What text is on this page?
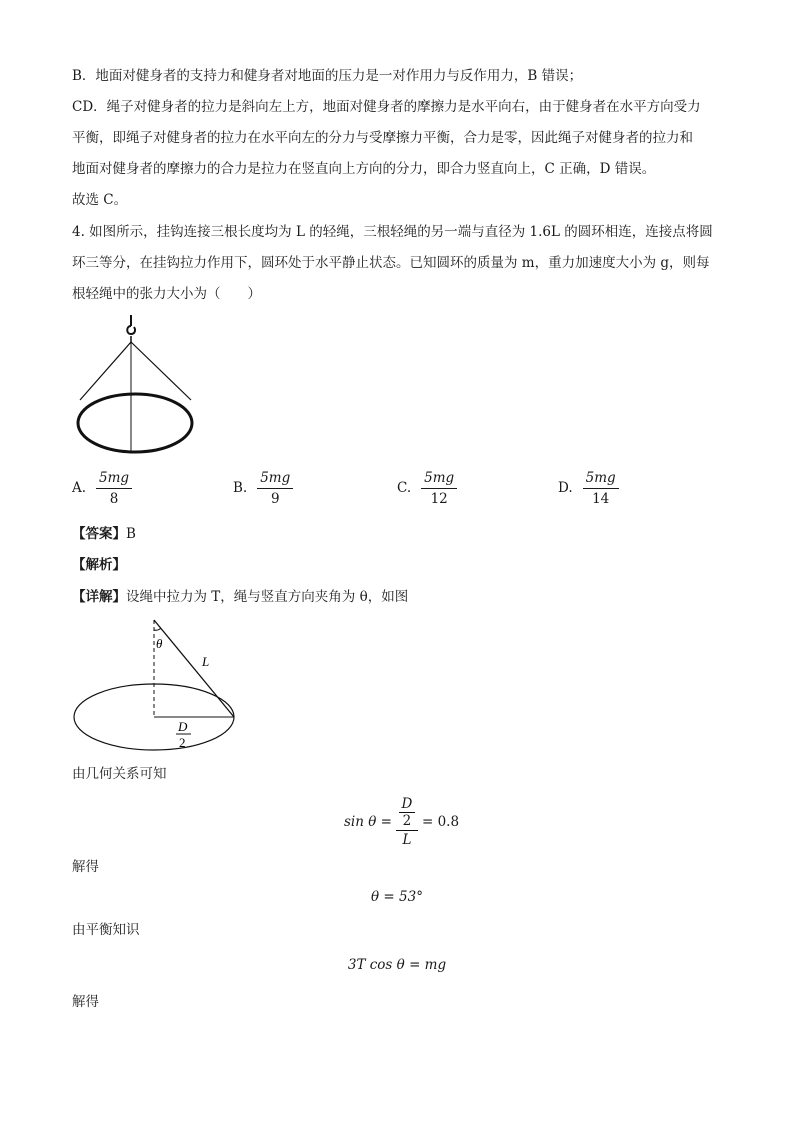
B．地面对健身者的支持力和健身者对地面的压力是一对作用力与反作用力，B 错误；
CD．绳子对健身者的拉力是斜向左上方，地面对健身者的摩擦力是水平向右，由于健身者在水平方向受力
平衡，即绳子对健身者的拉力在水平向左的分力与受摩擦力平衡，合力是零，因此绳子对健身者的拉力和
地面对健身者的摩擦力的合力是拉力在竖直向上方向的分力，即合力竖直向上，C 正确，D 错误。
故选 C。
4. 如图所示，挂钩连接三根长度均为 L 的轻绳，三根轻绳的另一端与直径为 1.6L 的圆环相连，连接点将圆
环三等分，在挂钩拉力作用下，圆环处于水平静止状态。已知圆环的质量为 m，重力加速度大小为 g，则每
根轻绳中的张力大小为（　　）
A. $\frac{5mg}{8}$	B. $\frac{5mg}{9}$	C. $\frac{5mg}{12}$	D. $\frac{5mg}{14}$
【答案】B
【解析】
【详解】设绳中拉力为 T，绳与竖直方向夹角为 θ，如图
θ
L
D
2
由几何关系可知
sin θ =
D
2
L
= 0.8
解得
θ = 53°
由平衡知识
3T cos θ = mg
解得
